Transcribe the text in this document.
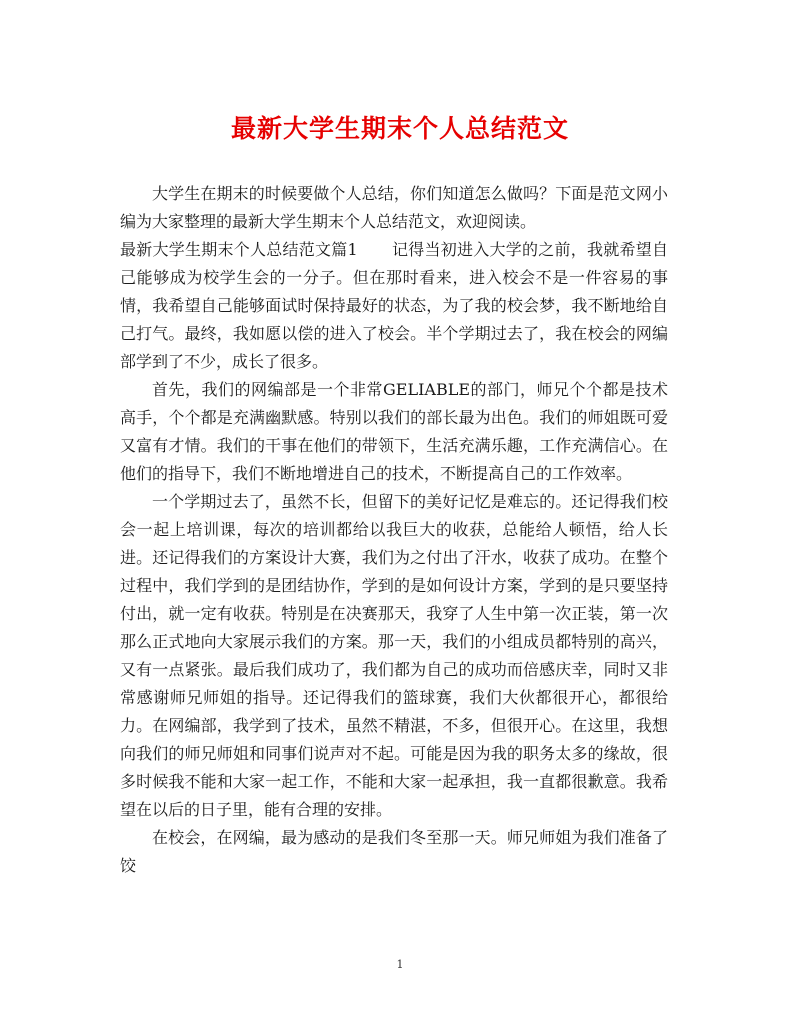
最新大学生期末个人总结范文

大学生在期末的时候要做个人总结，你们知道怎么做吗？下面是范文网小编为大家整理的最新大学生期末个人总结范文，欢迎阅读。

最新大学生期末个人总结范文篇1 记得当初进入大学的之前，我就希望自己能够成为校学生会的一分子。但在那时看来，进入校会不是一件容易的事情，我希望自己能够面试时保持最好的状态，为了我的校会梦，我不断地给自己打气。最终，我如愿以偿的进入了校会。半个学期过去了，我在校会的网编部学到了不少，成长了很多。

首先，我们的网编部是一个非常GELIABLE的部门，师兄个个都是技术高手，个个都是充满幽默感。特别以我们的部长最为出色。我们的师姐既可爱又富有才情。我们的干事在他们的带领下，生活充满乐趣，工作充满信心。在他们的指导下，我们不断地增进自己的技术，不断提高自己的工作效率。

一个学期过去了，虽然不长，但留下的美好记忆是难忘的。还记得我们校会一起上培训课，每次的培训都给以我巨大的收获，总能给人顿悟，给人长进。还记得我们的方案设计大赛，我们为之付出了汗水，收获了成功。在整个过程中，我们学到的是团结协作，学到的是如何设计方案，学到的是只要坚持付出，就一定有收获。特别是在决赛那天，我穿了人生中第一次正装，第一次那么正式地向大家展示我们的方案。那一天，我们的小组成员都特别的高兴，又有一点紧张。最后我们成功了，我们都为自己的成功而倍感庆幸，同时又非常感谢师兄师姐的指导。还记得我们的篮球赛，我们大伙都很开心，都很给力。在网编部，我学到了技术，虽然不精湛，不多，但很开心。在这里，我想向我们的师兄师姐和同事们说声对不起。可能是因为我的职务太多的缘故，很多时候我不能和大家一起工作，不能和大家一起承担，我一直都很歉意。我希望在以后的日子里，能有合理的安排。

在校会，在网编，最为感动的是我们冬至那一天。师兄师姐为我们准备了饺

1
